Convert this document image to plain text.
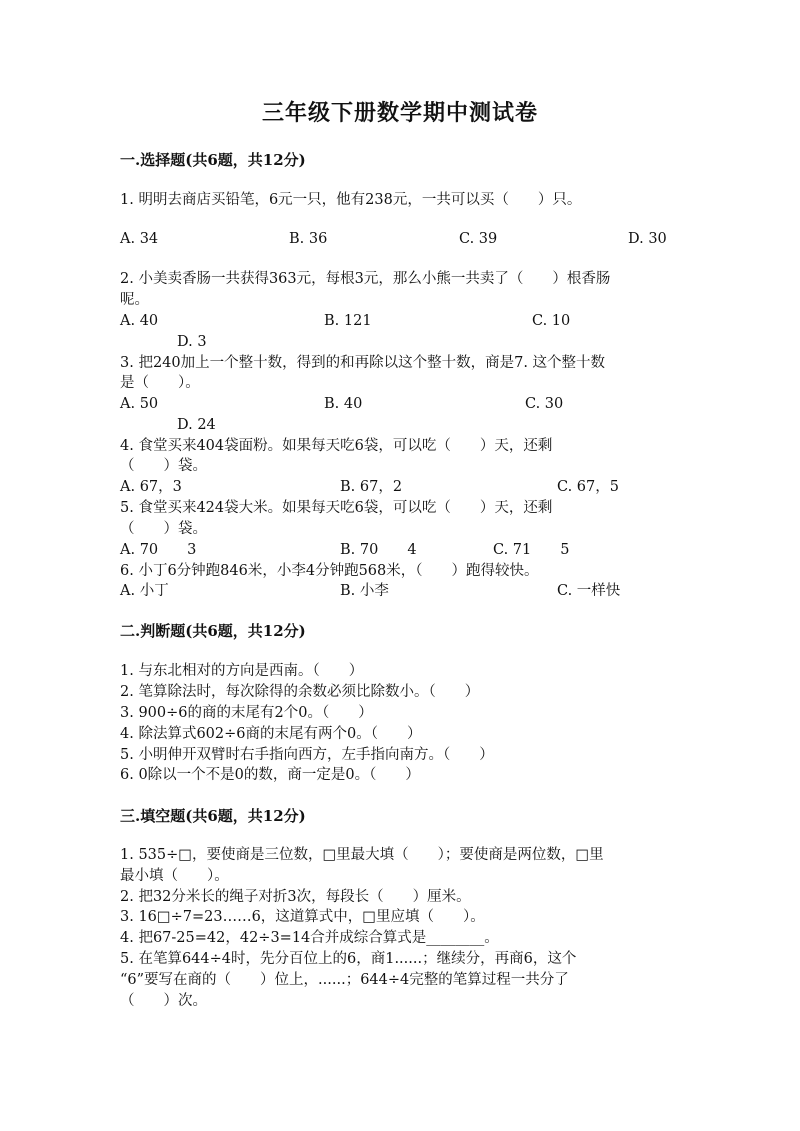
三年级下册数学期中测试卷
一.选择题(共6题，共12分)
1. 明明去商店买铅笔，6元一只，他有238元，一共可以买（　　）只。
A. 34	B. 36	C. 39	D. 30
2. 小美卖香肠一共获得363元，每根3元，那么小熊一共卖了（　　）根香肠
呢。
A. 40	B. 121	C. 10
D. 3
3. 把240加上一个整十数，得到的和再除以这个整十数，商是7. 这个整十数
是（　　）。
A. 50	B. 40	C. 30
D. 24
4. 食堂买来404袋面粉。如果每天吃6袋，可以吃（　　）天，还剩
（　　）袋。
A. 67，3	B. 67，2	C. 67，5
5. 食堂买来424袋大米。如果每天吃6袋，可以吃（　　）天，还剩
（　　）袋。
A. 70　　3	B. 70　　4	C. 71　　5
6. 小丁6分钟跑846米，小李4分钟跑568米，（　　）跑得较快。
A. 小丁	B. 小李	C. 一样快
二.判断题(共6题，共12分)
1. 与东北相对的方向是西南。（　　）
2. 笔算除法时，每次除得的余数必须比除数小。（　　）
3. 900÷6的商的末尾有2个0。（　　）
4. 除法算式602÷6商的末尾有两个0。（　　）
5. 小明伸开双臂时右手指向西方，左手指向南方。（　　）
6. 0除以一个不是0的数，商一定是0。（　　）
三.填空题(共6题，共12分)
1. 535÷□，要使商是三位数，□里最大填（　　）；要使商是两位数，□里
最小填（　　）。
2. 把32分米长的绳子对折3次，每段长（　　）厘米。
3. 16□÷7=23……6，这道算式中，□里应填（　　）。
4. 把67-25=42，42÷3=14合并成综合算式是________。
5. 在笔算644÷4时，先分百位上的6，商1......；继续分，再商6，这个
“6”要写在商的（　　）位上，......；644÷4完整的笔算过程一共分了
（　　）次。
